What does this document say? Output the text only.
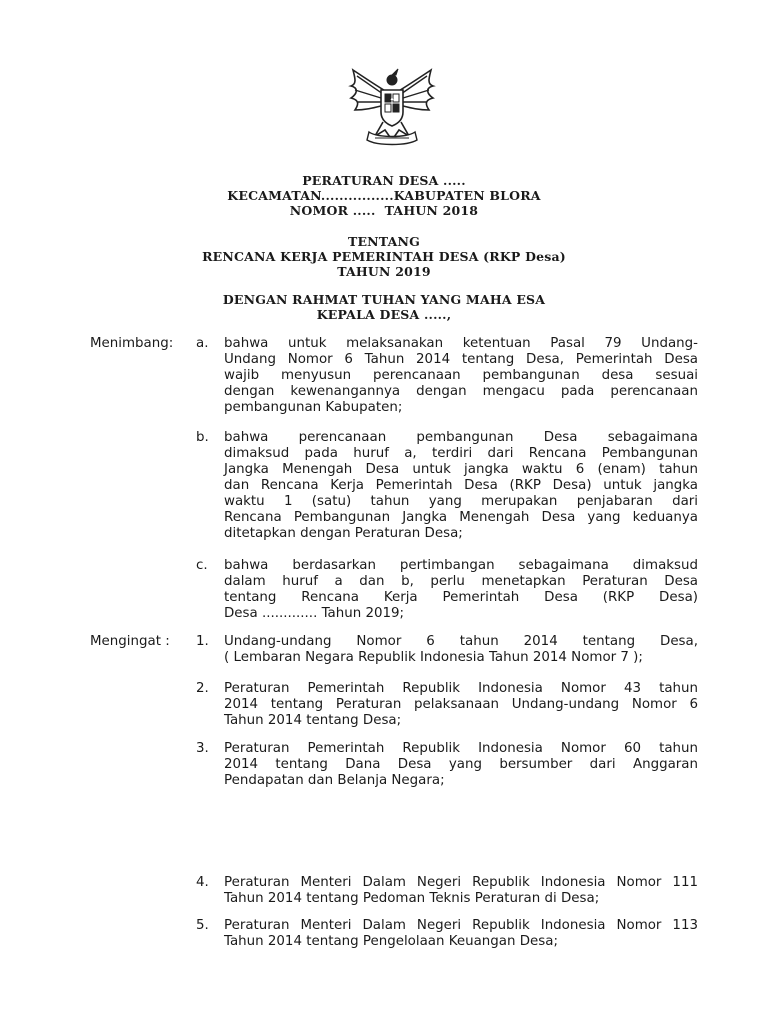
PERATURAN DESA .....
KECAMATAN................KABUPATEN BLORA
NOMOR .....  TAHUN 2018
TENTANG
RENCANA KERJA PEMERINTAH DESA (RKP Desa)
TAHUN 2019
DENGAN RAHMAT TUHAN YANG MAHA ESA
KEPALA DESA .....,
Menimbang: a. bahwa untuk melaksanakan ketentuan Pasal 79 Undang-
Undang Nomor 6 Tahun 2014 tentang Desa, Pemerintah Desa
wajib menyusun perencanaan pembangunan desa sesuai
dengan kewenangannya dengan mengacu pada perencanaan
pembangunan Kabupaten;
b. bahwa perencanaan pembangunan Desa sebagaimana
dimaksud pada huruf a, terdiri dari Rencana Pembangunan
Jangka Menengah Desa untuk jangka waktu 6 (enam) tahun
dan Rencana Kerja Pemerintah Desa (RKP Desa) untuk jangka
waktu 1 (satu) tahun yang merupakan penjabaran dari
Rencana Pembangunan Jangka Menengah Desa yang keduanya
ditetapkan dengan Peraturan Desa;
c. bahwa berdasarkan pertimbangan sebagaimana dimaksud
dalam huruf a dan b, perlu menetapkan Peraturan Desa
tentang Rencana Kerja Pemerintah Desa (RKP Desa)
Desa ............. Tahun 2019;
Mengingat : 1. Undang-undang Nomor 6 tahun 2014 tentang Desa,
( Lembaran Negara Republik Indonesia Tahun 2014 Nomor 7 );
2. Peraturan Pemerintah Republik Indonesia Nomor 43 tahun
2014 tentang Peraturan pelaksanaan Undang-undang Nomor 6
Tahun 2014 tentang Desa;
3. Peraturan Pemerintah Republik Indonesia Nomor 60 tahun
2014 tentang Dana Desa yang bersumber dari Anggaran
Pendapatan dan Belanja Negara;
4. Peraturan Menteri Dalam Negeri Republik Indonesia Nomor 111
Tahun 2014 tentang Pedoman Teknis Peraturan di Desa;
5. Peraturan Menteri Dalam Negeri Republik Indonesia Nomor 113
Tahun 2014 tentang Pengelolaan Keuangan Desa;
